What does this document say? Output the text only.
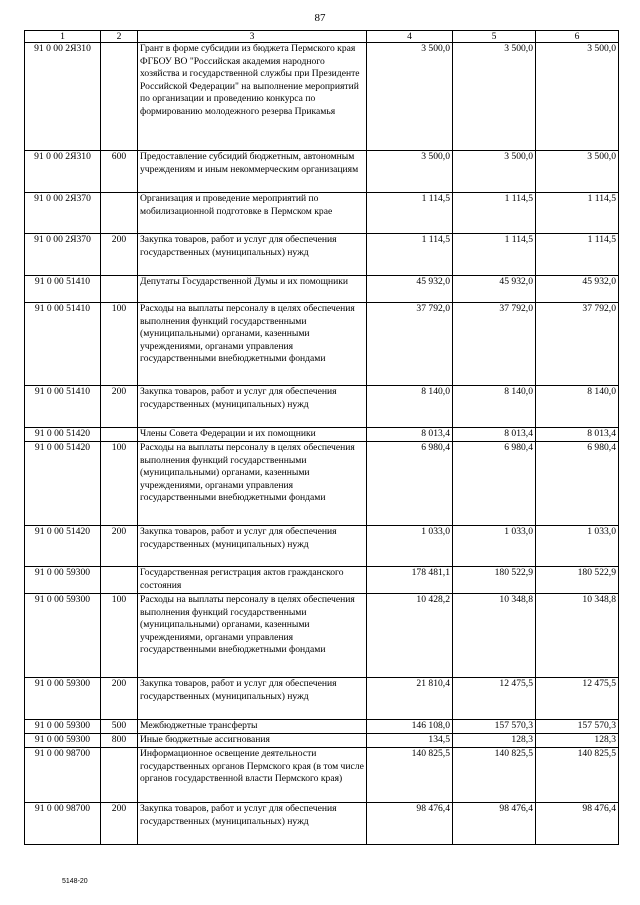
87
1	2	3	4	5	6
91 0 00 2Я310		Грант в форме субсидии из бюджета Пермского края ФГБОУ ВО "Российская академия народного хозяйства и государственной службы при Президенте Российской Федерации" на выполнение мероприятий по организации и проведению конкурса по формированию молодежного резерва Прикамья	3 500,0	3 500,0	3 500,0
91 0 00 2Я310	600	Предоставление субсидий бюджетным, автономным учреждениям и иным некоммерческим организациям	3 500,0	3 500,0	3 500,0
91 0 00 2Я370		Организация и проведение мероприятий по мобилизационной подготовке в Пермском крае	1 114,5	1 114,5	1 114,5
91 0 00 2Я370	200	Закупка товаров, работ и услуг для обеспечения государственных (муниципальных) нужд	1 114,5	1 114,5	1 114,5
91 0 00 51410		Депутаты Государственной Думы и их помощники	45 932,0	45 932,0	45 932,0
91 0 00 51410	100	Расходы на выплаты персоналу в целях обеспечения выполнения функций государственными (муниципальными) органами, казенными учреждениями, органами управления государственными внебюджетными фондами	37 792,0	37 792,0	37 792,0
91 0 00 51410	200	Закупка товаров, работ и услуг для обеспечения государственных (муниципальных) нужд	8 140,0	8 140,0	8 140,0
91 0 00 51420		Члены Совета Федерации и их помощники	8 013,4	8 013,4	8 013,4
91 0 00 51420	100	Расходы на выплаты персоналу в целях обеспечения выполнения функций государственными (муниципальными) органами, казенными учреждениями, органами управления государственными внебюджетными фондами	6 980,4	6 980,4	6 980,4
91 0 00 51420	200	Закупка товаров, работ и услуг для обеспечения государственных (муниципальных) нужд	1 033,0	1 033,0	1 033,0
91 0 00 59300		Государственная регистрация актов гражданского состояния	178 481,1	180 522,9	180 522,9
91 0 00 59300	100	Расходы на выплаты персоналу в целях обеспечения выполнения функций государственными (муниципальными) органами, казенными учреждениями, органами управления государственными внебюджетными фондами	10 428,2	10 348,8	10 348,8
91 0 00 59300	200	Закупка товаров, работ и услуг для обеспечения государственных (муниципальных) нужд	21 810,4	12 475,5	12 475,5
91 0 00 59300	500	Межбюджетные трансферты	146 108,0	157 570,3	157 570,3
91 0 00 59300	800	Иные бюджетные ассигнования	134,5	128,3	128,3
91 0 00 98700		Информационное освещение деятельности государственных органов Пермского края (в том числе органов государственной власти Пермского края)	140 825,5	140 825,5	140 825,5
91 0 00 98700	200	Закупка товаров, работ и услуг для обеспечения государственных (муниципальных) нужд	98 476,4	98 476,4	98 476,4
5148-20
